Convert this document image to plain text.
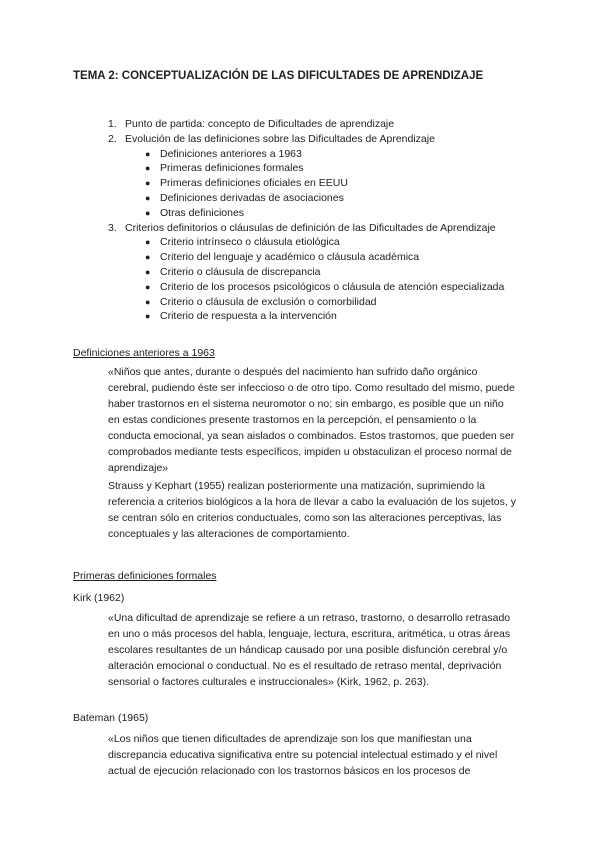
TEMA 2: CONCEPTUALIZACIÓN DE LAS DIFICULTADES DE APRENDIZAJE
1. Punto de partida: concepto de Dificultades de aprendizaje
2. Evolución de las definiciones sobre las Dificultades de Aprendizaje
● Definiciones anteriores a 1963
● Primeras definiciones formales
● Primeras definiciones oficiales en EEUU
● Definiciones derivadas de asociaciones
● Otras definiciones
3. Criterios definitorios o cláusulas de definición de las Dificultades de Aprendizaje
● Criterio intrínseco o cláusula etiológica
● Criterio del lenguaje y académico o cláusula académica
● Criterio o cláusula de discrepancia
● Criterio de los procesos psicológicos o cláusula de atención especializada
● Criterio o cláusula de exclusión o comorbilidad
● Criterio de respuesta a la intervención
Definiciones anteriores a 1963

«Niños que antes, durante o después del nacimiento han sufrido daño orgánico cerebral, pudiendo éste ser infeccioso o de otro tipo. Como resultado del mismo, puede haber trastornos en el sistema neuromotor o no; sin embargo, es posible que un niño en estas condiciones presente trastornos en la percepción, el pensamiento o la conducta emocional, ya sean aislados o combinados. Estos trastornos, que pueden ser comprobados mediante tests específicos, impiden u obstaculizan el proceso normal de aprendizaje»

Strauss y Kephart (1955) realizan posteriormente una matización, suprimiendo la referencia a criterios biológicos a la hora de llevar a cabo la evaluación de los sujetos, y se centran sólo en criterios conductuales, como son las alteraciones perceptivas, las conceptuales y las alteraciones de comportamiento.

Primeras definiciones formales
Kirk (1962)

«Una dificultad de aprendizaje se refiere a un retraso, trastorno, o desarrollo retrasado en uno o más procesos del habla, lenguaje, lectura, escritura, aritmética, u otras áreas escolares resultantes de un hándicap causado por una posible disfunción cerebral y/o alteración emocional o conductual. No es el resultado de retraso mental, deprivación sensorial o factores culturales e instruccionales» (Kirk, 1962, p. 263).

Bateman (1965)

«Los niños que tienen dificultades de aprendizaje son los que manifiestan una discrepancia educativa significativa entre su potencial intelectual estimado y el nivel actual de ejecución relacionado con los trastornos básicos en los procesos de
